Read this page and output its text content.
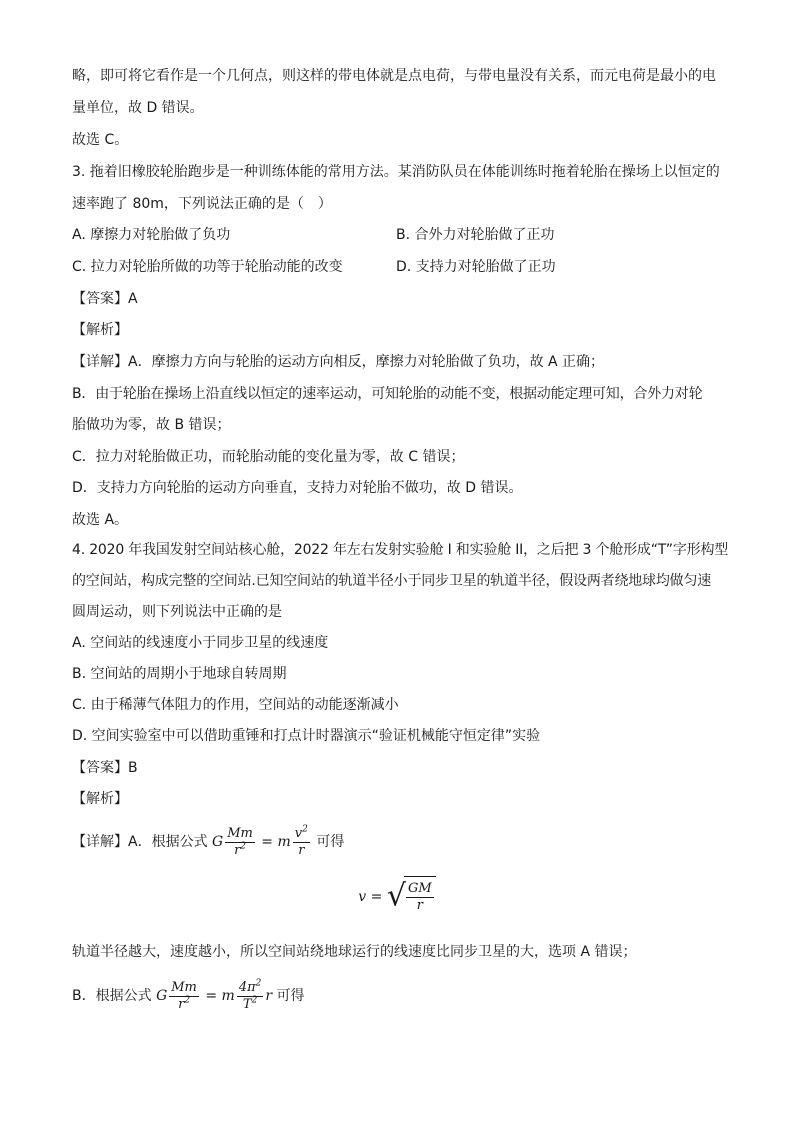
略，即可将它看作是一个几何点，则这样的带电体就是点电荷，与带电量没有关系，而元电荷是最小的电
量单位，故 D 错误。
故选 C。
3. 拖着旧橡胶轮胎跑步是一种训练体能的常用方法。某消防队员在体能训练时拖着轮胎在操场上以恒定的
速率跑了 80m，下列说法正确的是（　）
A. 摩擦力对轮胎做了负功	B. 合外力对轮胎做了正功
C. 拉力对轮胎所做的功等于轮胎动能的改变	D. 支持力对轮胎做了正功
【答案】A
【解析】
【详解】A．摩擦力方向与轮胎的运动方向相反，摩擦力对轮胎做了负功，故 A 正确；
B．由于轮胎在操场上沿直线以恒定的速率运动，可知轮胎的动能不变，根据动能定理可知，合外力对轮
胎做功为零，故 B 错误；
C．拉力对轮胎做正功，而轮胎动能的变化量为零，故 C 错误；
D．支持力方向轮胎的运动方向垂直，支持力对轮胎不做功，故 D 错误。
故选 A。
4. 2020 年我国发射空间站核心舱，2022 年左右发射实验舱 I 和实验舱 II，之后把 3 个舱形成“T”字形构型
的空间站，构成完整的空间站.已知空间站的轨道半径小于同步卫星的轨道半径，假设两者绕地球均做匀速
圆周运动，则下列说法中正确的是
A. 空间站的线速度小于同步卫星的线速度
B. 空间站的周期小于地球自转周期
C. 由于稀薄气体阻力的作用，空间站的动能逐渐减小
D. 空间实验室中可以借助重锤和打点计时器演示“验证机械能守恒定律”实验
【答案】B
【解析】
【详解】A．根据公式 G $\frac{Mm}{r^2} = m \frac{v^2}{r}$ 可得
v = √ $\frac{GM}{r}$
轨道半径越大，速度越小，所以空间站绕地球运行的线速度比同步卫星的大，选项 A 错误；
B．根据公式 G $\frac{Mm}{r^2} = m \frac{4\pi^2}{T^2}$ r 可得
